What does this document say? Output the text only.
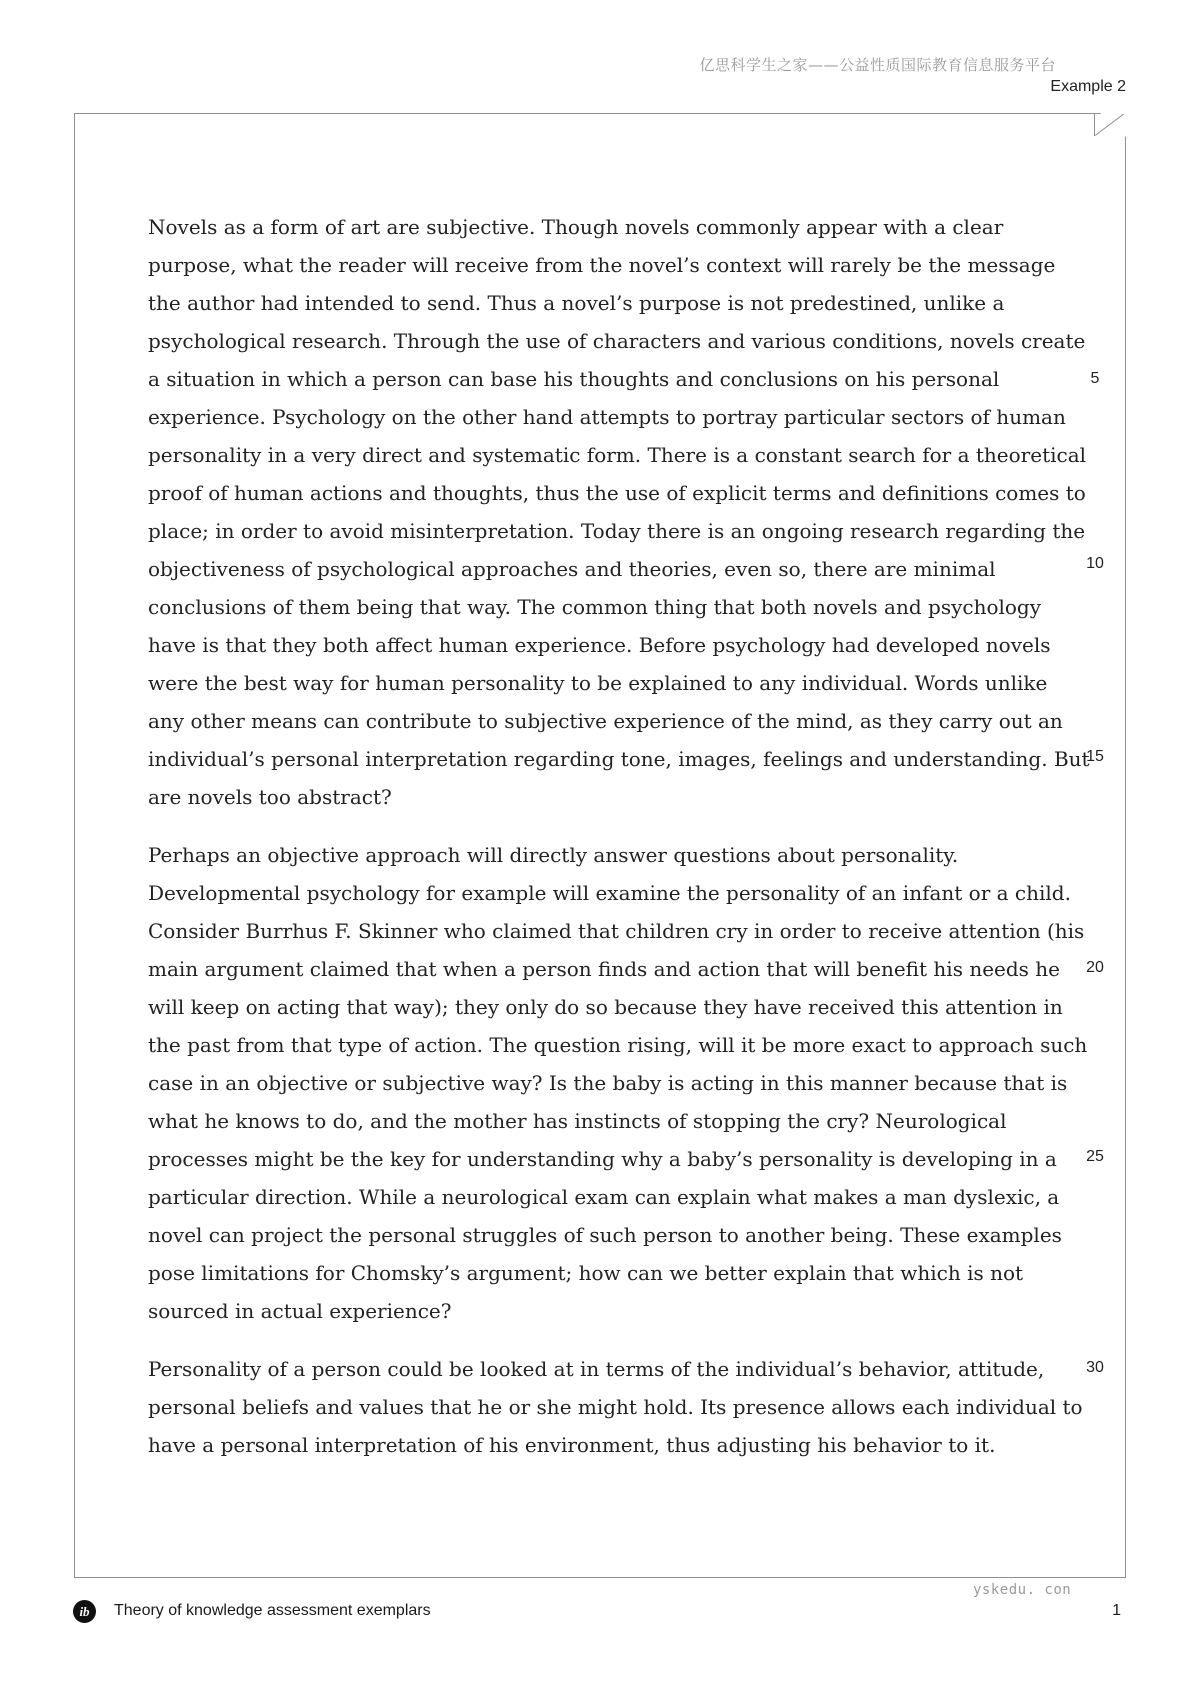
亿思科学生之家——公益性质国际教育信息服务平台
Example 2

Novels as a form of art are subjective. Though novels commonly appear with a clear
purpose, what the reader will receive from the novel’s context will rarely be the message
the author had intended to send. Thus a novel’s purpose is not predestined, unlike a
psychological research. Through the use of characters and various conditions, novels create
a situation in which a person can base his thoughts and conclusions on his personal
experience. Psychology on the other hand attempts to portray particular sectors of human
personality in a very direct and systematic form. There is a constant search for a theoretical
proof of human actions and thoughts, thus the use of explicit terms and definitions comes to
place; in order to avoid misinterpretation. Today there is an ongoing research regarding the
objectiveness of psychological approaches and theories, even so, there are minimal
conclusions of them being that way. The common thing that both novels and psychology
have is that they both affect human experience. Before psychology had developed novels
were the best way for human personality to be explained to any individual. Words unlike
any other means can contribute to subjective experience of the mind, as they carry out an
individual’s personal interpretation regarding tone, images, feelings and understanding. But
are novels too abstract?

Perhaps an objective approach will directly answer questions about personality.
Developmental psychology for example will examine the personality of an infant or a child.
Consider Burrhus F. Skinner who claimed that children cry in order to receive attention (his
main argument claimed that when a person finds and action that will benefit his needs he
will keep on acting that way); they only do so because they have received this attention in
the past from that type of action. The question rising, will it be more exact to approach such
case in an objective or subjective way? Is the baby is acting in this manner because that is
what he knows to do, and the mother has instincts of stopping the cry? Neurological
processes might be the key for understanding why a baby’s personality is developing in a
particular direction. While a neurological exam can explain what makes a man dyslexic, a
novel can project the personal struggles of such person to another being. These examples
pose limitations for Chomsky’s argument; how can we better explain that which is not
sourced in actual experience?

Personality of a person could be looked at in terms of the individual’s behavior, attitude,
personal beliefs and values that he or she might hold. Its presence allows each individual to
have a personal interpretation of his environment, thus adjusting his behavior to it.

5
10
15
20
25
30
yskedu. con
ib	Theory of knowledge assessment exemplars	1
